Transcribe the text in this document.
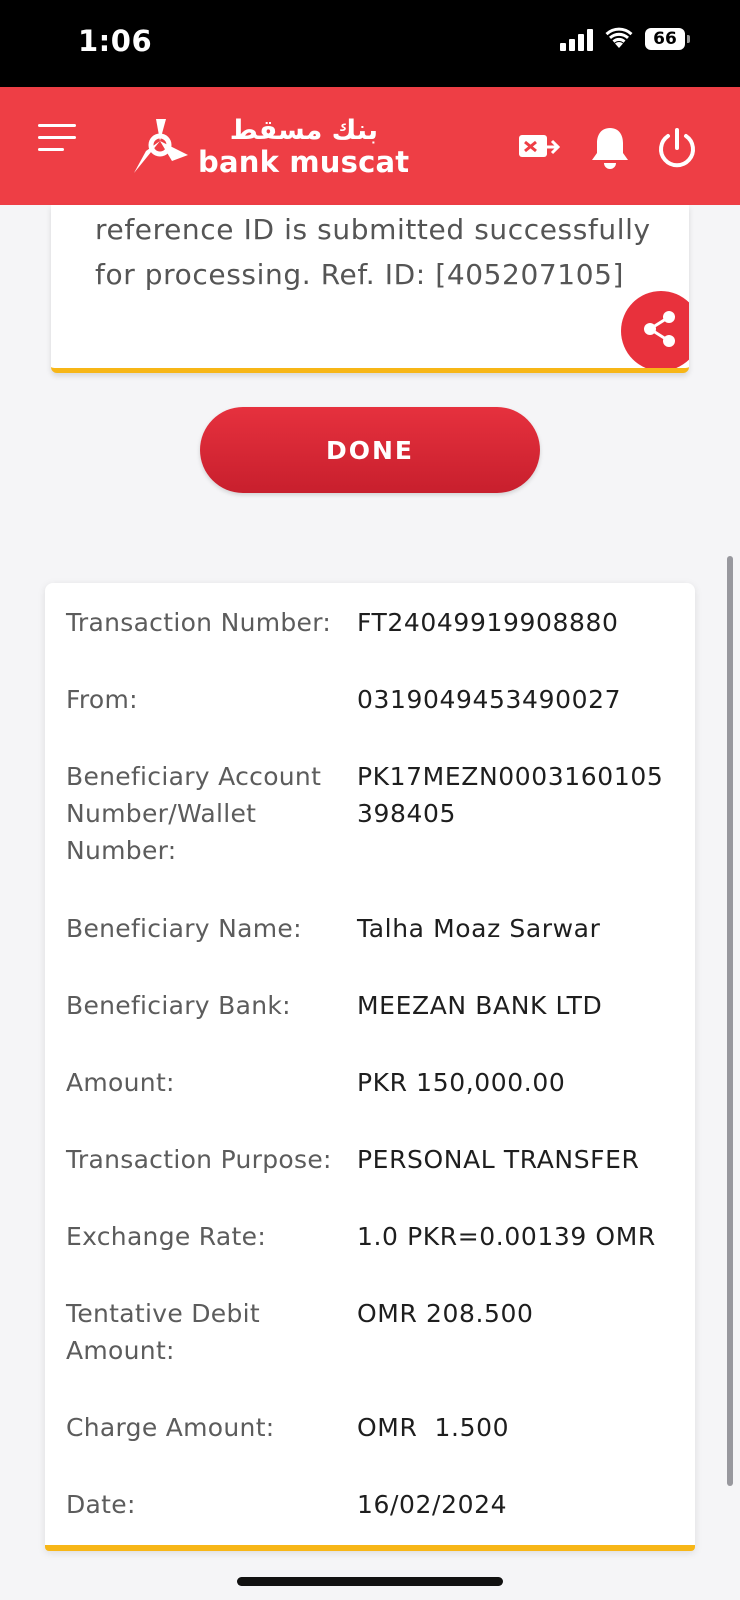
1:06	66
بنك مسقط
bank muscat
reference ID is submitted successfully for processing. Ref. ID: [405207105]
DONE
Transaction Number: FT24049919908880
From:	0319049453490027
Beneficiary Account Number/Wallet Number:
PK17MEZN0003160105398405
Beneficiary Name:	Talha Moaz Sarwar
Beneficiary Bank:	MEEZAN BANK LTD
Amount:	PKR 150,000.00
Transaction Purpose: PERSONAL TRANSFER
Exchange Rate:	1.0 PKR=0.00139 OMR
Tentative Debit Amount:
OMR 208.500
Charge Amount:	OMR  1.500
Date:	16/02/2024
